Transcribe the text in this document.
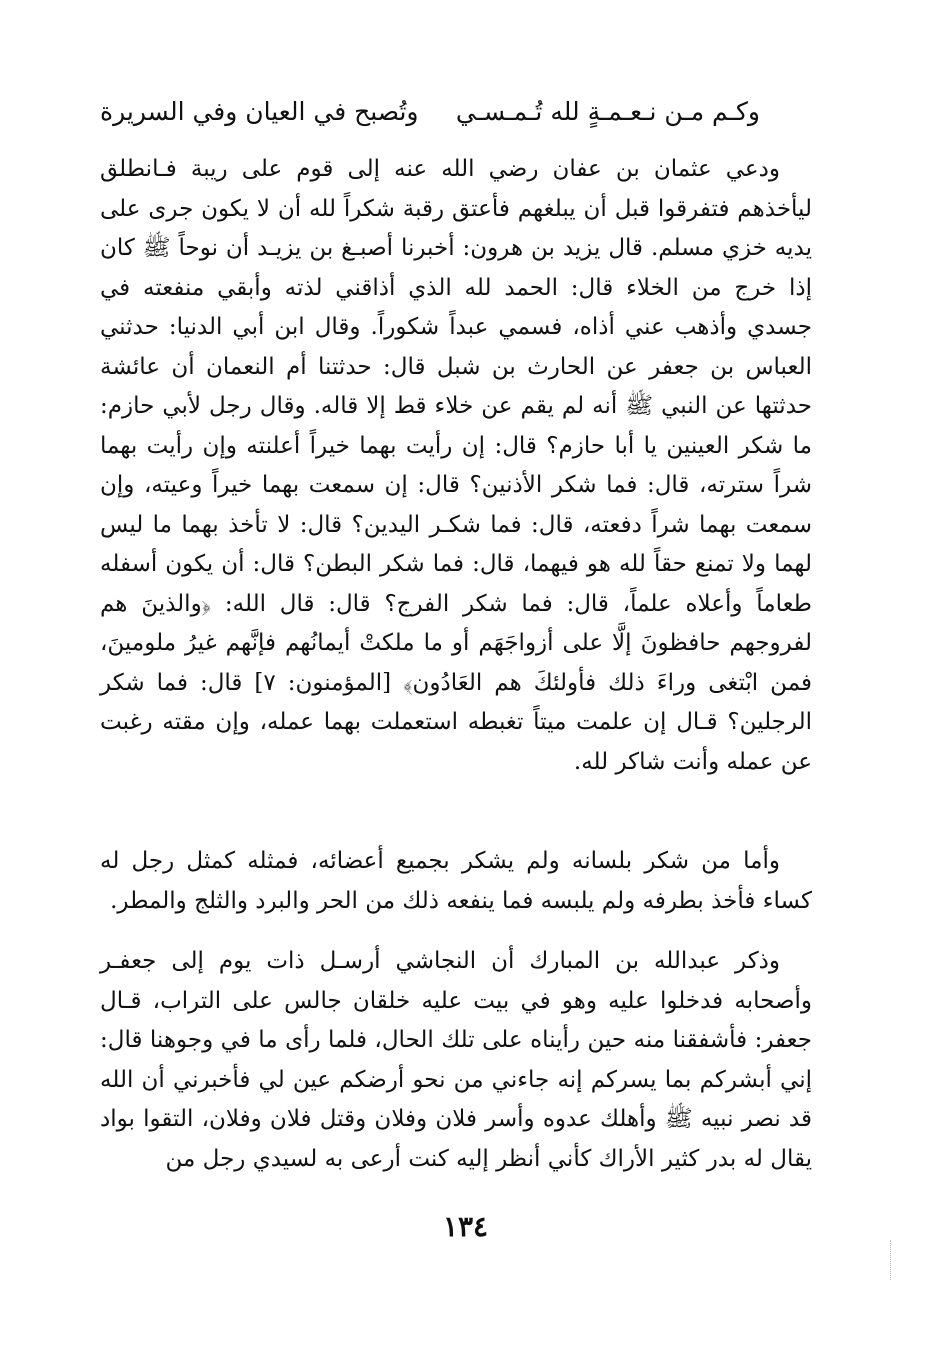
وكـم مـن نـعـمـةٍ لله تُـمـسـي
وتُصبح في العيان وفي السريرة

ودعي عثمان بن عفان رضي الله عنه إلى قوم على ريبة فـانطلق ليأخذهم فتفرقوا قبل أن يبلغهم فأعتق رقبة شكراً لله أن لا يكون جرى على يديه خزي مسلم. قال يزيد بن هرون: أخبرنا أصبـغ بن يزيـد أن نوحاً ﷺ كان إذا خرج من الخلاء قال: الحمد لله الذي أذاقني لذته وأبقي منفعته في جسدي وأذهب عني أذاه، فسمي عبداً شكوراً. وقال ابن أبي الدنيا: حدثني العباس بن جعفر عن الحارث بن شبل قال: حدثتنا أم النعمان أن عائشة حدثتها عن النبي ﷺ أنه لم يقم عن خلاء قط إلا قاله. وقال رجل لأبي حازم: ما شكر العينين يا أبا حازم؟ قال: إن رأيت بهما خيراً أعلنته وإن رأيت بهما شراً سترته، قال: فما شكر الأذنين؟ قال: إن سمعت بهما خيراً وعيته، وإن سمعت بهما شراً دفعته، قال: فما شكـر اليدين؟ قال: لا تأخذ بهما ما ليس لهما ولا تمنع حقاً لله هو فيهما، قال: فما شكر البطن؟ قال: أن يكون أسفله طعاماً وأعلاه علماً، قال: فما شكر الفرج؟ قال: قال الله: ﴿والذينَ هم لفروجهم حافظونَ إلَّا على أزواجَهَم أو ما ملكتْ أيمانُهم فإنَّهم غيرُ ملومينَ، فمن ابْتغى وراءَ ذلك فأولئكَ هم العَادُون﴾ [المؤمنون: ٧] قال: فما شكر الرجلين؟ قـال إن علمت ميتاً تغبطه استعملت بهما عمله، وإن مقته رغبت عن عمله وأنت شاكر لله.

وأما من شكر بلسانه ولم يشكر بجميع أعضائه، فمثله كمثل رجل له كساء فأخذ بطرفه ولم يلبسه فما ينفعه ذلك من الحر والبرد والثلج والمطر.

وذكر عبدالله بن المبارك أن النجاشي أرسـل ذات يوم إلى جعفـر وأصحابه فدخلوا عليه وهو في بيت عليه خلقان جالس على التراب، قـال جعفر: فأشفقنا منه حين رأيناه على تلك الحال، فلما رأى ما في وجوهنا قال: إني أبشركم بما يسركم إنه جاءني من نحو أرضكم عين لي فأخبرني أن الله قد نصر نبيه ﷺ وأهلك عدوه وأسر فلان وفلان وقتل فلان وفلان، التقوا بواد يقال له بدر كثير الأراك كأني أنظر إليه كنت أرعى به لسيدي رجل من

١٣٤
